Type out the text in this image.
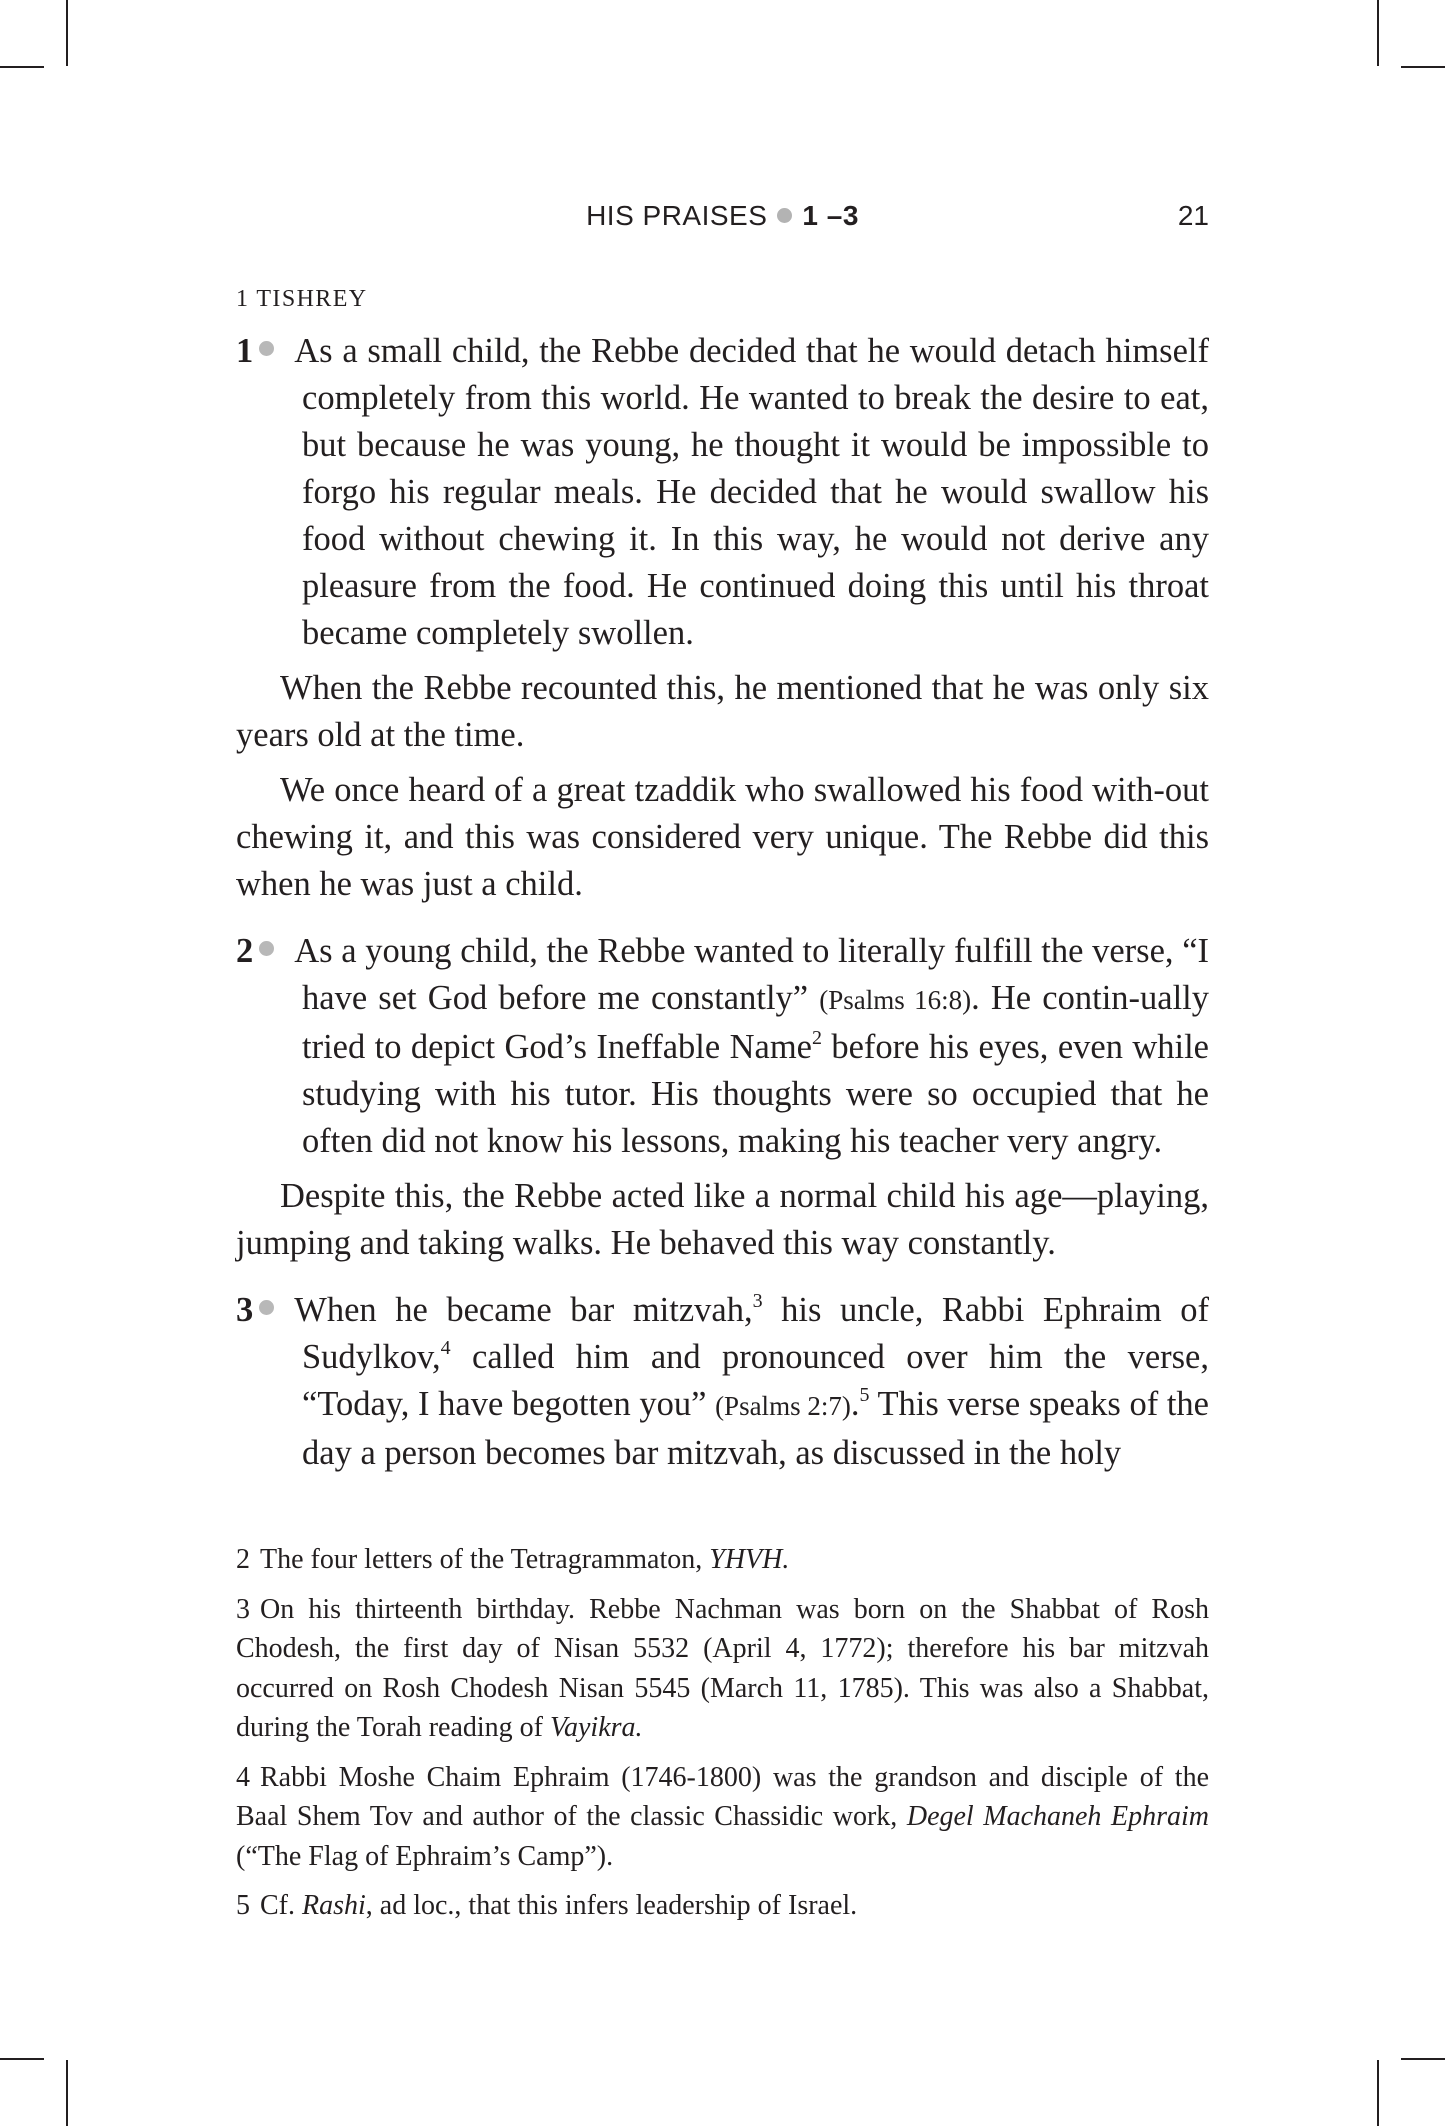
HIS PRAISES 1 –3	21
1 TISHREY

1 As a small child, the Rebbe decided that he would detach himself completely from this world. He wanted to break the desire to eat, but because he was young, he thought it would be impossible to forgo his regular meals. He decided that he would swallow his food without chewing it. In this way, he would not derive any pleasure from the food. He continued doing this until his throat became completely swollen.

When the Rebbe recounted this, he mentioned that he was only six years old at the time.

We once heard of a great tzaddik who swallowed his food with-out chewing it, and this was considered very unique. The Rebbe did this when he was just a child.

2 As a young child, the Rebbe wanted to literally fulfill the verse, “I have set God before me constantly” (Psalms 16:8). He contin-ually tried to depict God’s Ineffable Name$^2$ before his eyes, even while studying with his tutor. His thoughts were so occupied that he often did not know his lessons, making his teacher very angry.

Despite this, the Rebbe acted like a normal child his age—playing, jumping and taking walks. He behaved this way constantly.

3 When he became bar mitzvah,$^3$ his uncle, Rabbi Ephraim of Sudylkov,$^4$ called him and pronounced over him the verse, “Today, I have begotten you” (Psalms 2:7).$^5$ This verse speaks of the day a person becomes bar mitzvah, as discussed in the holy

2 The four letters of the Tetragrammaton, YHVH.

3 On his thirteenth birthday. Rebbe Nachman was born on the Shabbat of Rosh Chodesh, the first day of Nisan 5532 (April 4, 1772); therefore his bar mitzvah occurred on Rosh Chodesh Nisan 5545 (March 11, 1785). This was also a Shabbat, during the Torah reading of Vayikra.

4 Rabbi Moshe Chaim Ephraim (1746-1800) was the grandson and disciple of the Baal Shem Tov and author of the classic Chassidic work, Degel Machaneh Ephraim (“The Flag of Ephraim’s Camp”).

5 Cf. Rashi, ad loc., that this infers leadership of Israel.
